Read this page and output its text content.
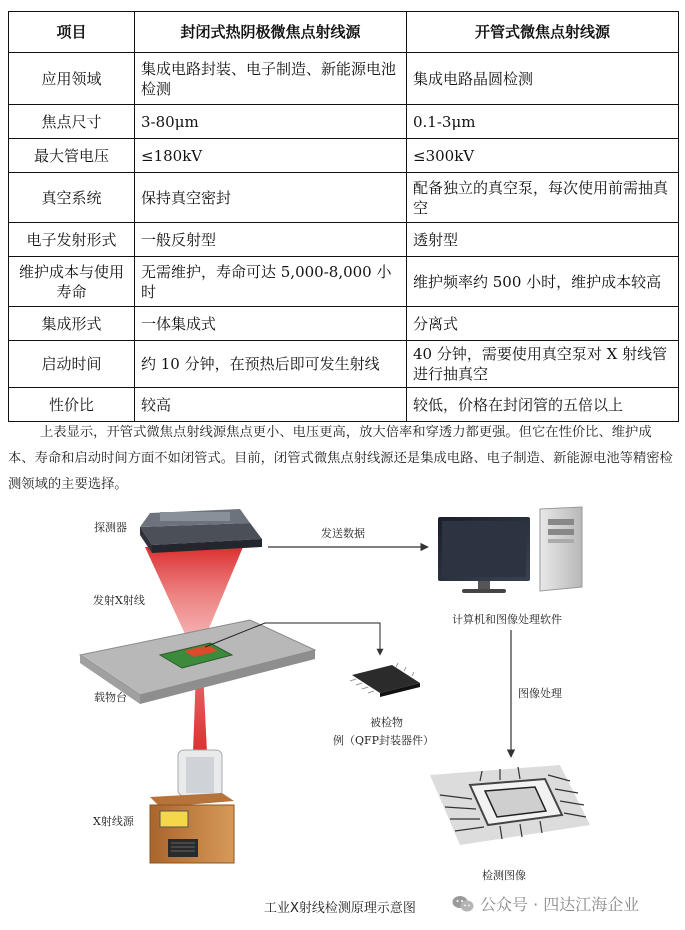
项目	封闭式热阴极微焦点射线源	开管式微焦点射线源
应用领域	集成电路封装、电子制造、新能源电池检测	集成电路晶圆检测
焦点尺寸	3-80μm	0.1-3μm
最大管电压	≤180kV	≤300kV
真空系统	保持真空密封	配备独立的真空泵，每次使用前需抽真空
电子发射形式	一般反射型	透射型
维护成本与使用寿命	无需维护，寿命可达 5,000-8,000 小时	维护频率约 500 小时，维护成本较高
集成形式	一体集成式	分离式
启动时间	约 10 分钟，在预热后即可发生射线	40 分钟，需要使用真空泵对 X 射线管进行抽真空
性价比	较高	较低，价格在封闭管的五倍以上

上表显示，开管式微焦点射线源焦点更小、电压更高，放大倍率和穿透力都更强。但它在性价比、维护成本、寿命和启动时间方面不如闭管式。目前，闭管式微焦点射线源还是集成电路、电子制造、新能源电池等精密检测领域的主要选择。

探测器
发射X射线
载物台
X射线源
发送数据
计算机和图像处理软件
图像处理
被检物
例（QFP封装器件）
检测图像
工业X射线检测原理示意图	公众号 · 四达江海企业
